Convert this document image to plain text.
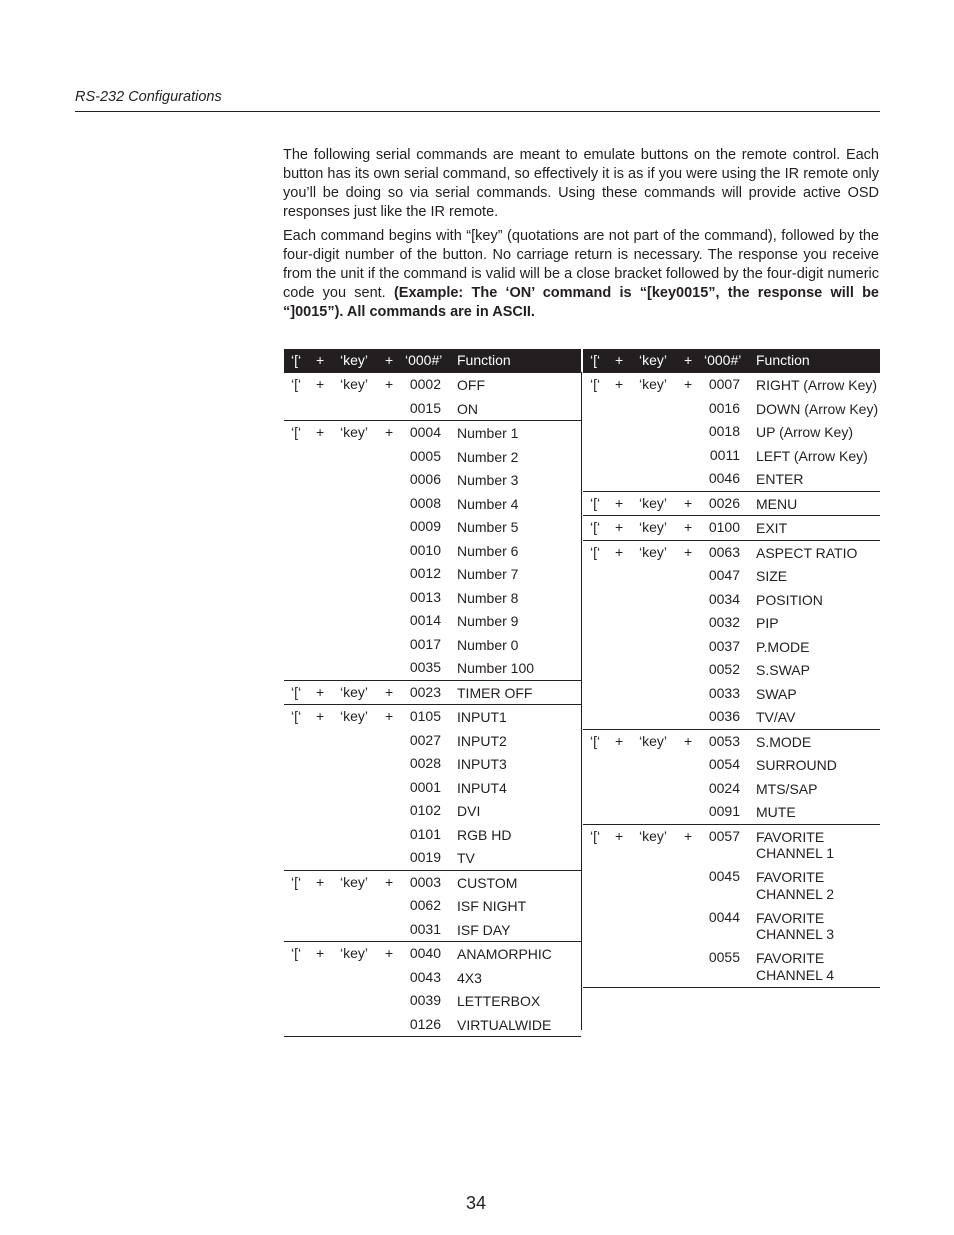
RS-232 Configurations

The following serial commands are meant to emulate buttons on the remote control. Each button has its own serial command, so effectively it is as if you were using the IR remote only you’ll be doing so via serial commands. Using these commands will provide active OSD responses just like the IR remote.

Each command begins with “[key” (quotations are not part of the command), followed by the four-digit number of the button. No carriage return is necessary. The response you receive from the unit if the command is valid will be a close bracket followed by the four-digit numeric code you sent. (Example: The ‘ON’ command is “[key0015”, the response will be “]0015”). All commands are in ASCII.

‘[‘ + ‘key’ + ‘000#’ Function
‘[‘ + ‘key’ +	0002 OFF
0015 ON
‘[‘ + ‘key’ +	0004 Number 1
0005 Number 2
0006 Number 3
0008 Number 4
0009 Number 5
0010 Number 6
0012 Number 7
0013 Number 8
0014 Number 9
0017 Number 0
0035 Number 100
‘[‘ + ‘key’ +	0023 TIMER OFF
‘[‘ + ‘key’ +	0105 INPUT1
0027 INPUT2
0028 INPUT3
0001 INPUT4
0102 DVI
0101 RGB HD
0019 TV
‘[‘ + ‘key’ +	0003 CUSTOM
0062 ISF NIGHT
0031 ISF DAY
‘[‘ + ‘key’ +	0040 ANAMORPHIC
0043 4X3
0039 LETTERBOX
0126 VIRTUALWIDE
‘[‘ + ‘key’ + ‘000#’ Function
‘[‘ + ‘key’ +	0007 RIGHT (Arrow Key)
0016 DOWN (Arrow Key)
0018 UP (Arrow Key)
0011 LEFT (Arrow Key)
0046 ENTER
‘[‘ + ‘key’ +	0026 MENU
‘[‘ + ‘key’ +	0100 EXIT
‘[‘ + ‘key’ +	0063 ASPECT RATIO
0047 SIZE
0034 POSITION
0032 PIP
0037 P.MODE
0052 S.SWAP
0033 SWAP
0036 TV/AV
‘[‘ + ‘key’ +	0053 S.MODE
0054 SURROUND
0024 MTS/SAP
0091 MUTE
‘[‘ + ‘key’ +	0057 FAVORITE CHANNEL 1
0045 FAVORITE CHANNEL 2
0044 FAVORITE CHANNEL 3
0055 FAVORITE CHANNEL 4
34
